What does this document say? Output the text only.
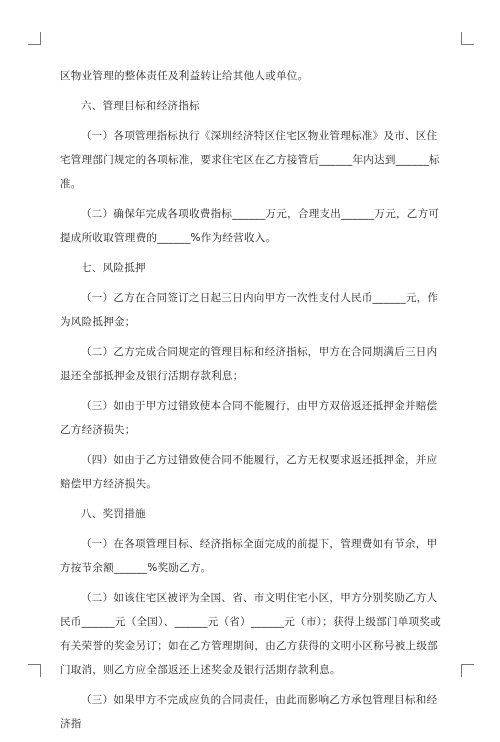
区物业管理的整体责任及利益转让给其他人或单位。

六、管理目标和经济指标

（一）各项管理指标执行《深圳经济特区住宅区物业管理标准》及市、区住宅管理部门规定的各项标准，要求住宅区在乙方接管后______年内达到______标准。

（二）确保年完成各项收费指标______万元，合理支出______万元，乙方可提成所收取管理费的______%作为经营收入。

七、风险抵押

（一）乙方在合同签订之日起三日内向甲方一次性支付人民币______元，作为风险抵押金；

（二）乙方完成合同规定的管理目标和经济指标，甲方在合同期满后三日内退还全部抵押金及银行活期存款利息；

（三）如由于甲方过错致使本合同不能履行，由甲方双倍返还抵押金并赔偿乙方经济损失；

（四）如由于乙方过错致使合同不能履行，乙方无权要求返还抵押金，并应赔偿甲方经济损失。

八、奖罚措施

（一）在各项管理目标、经济指标全面完成的前提下，管理费如有节余，甲方按节余额______%奖励乙方。

（二）如该住宅区被评为全国、省、市文明住宅小区，甲方分别奖励乙方人民币______元（全国）、______元（省）______元（市）；获得上级部门单项奖或有关荣誉的奖金另订；如在乙方管理期间，由乙方获得的文明小区称号被上级部门取消，则乙方应全部返还上述奖金及银行活期存款利息。

（三）如果甲方不完成应负的合同责任，由此而影响乙方承包管理目标和经济指
